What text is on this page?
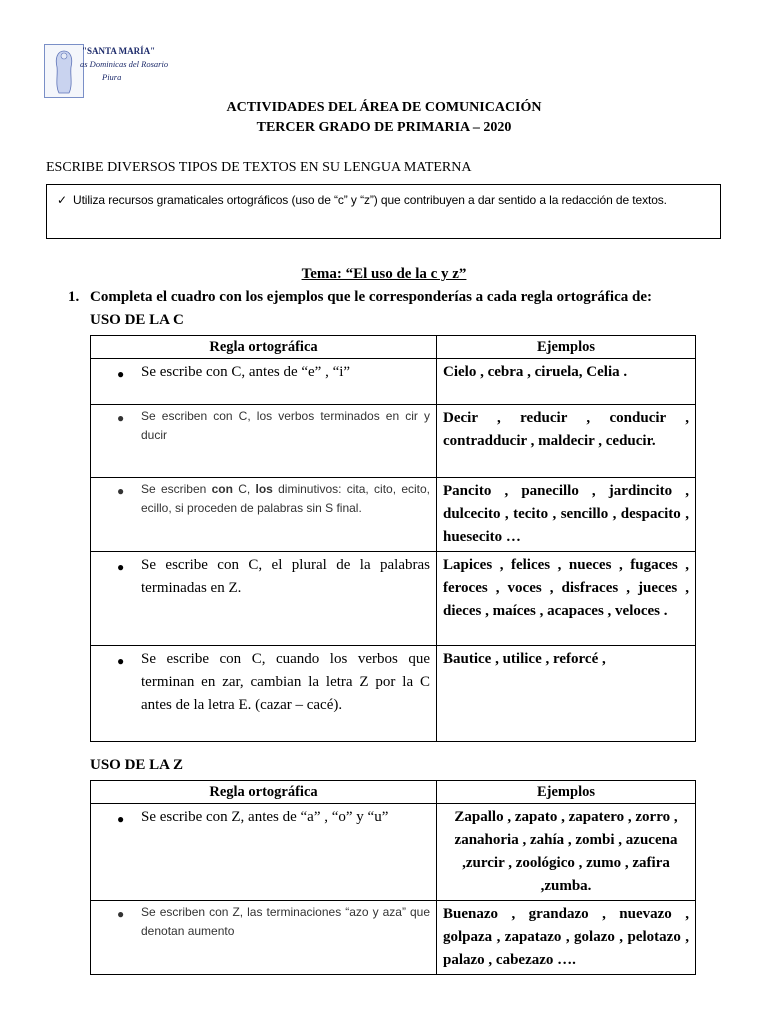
"SANTA MARÍA"
as Dominicas del Rosario
Piura
ACTIVIDADES DEL ÁREA DE COMUNICACIÓN
TERCER GRADO DE PRIMARIA – 2020
ESCRIBE DIVERSOS TIPOS DE TEXTOS EN SU LENGUA MATERNA
✓ Utiliza recursos gramaticales ortográficos (uso de “c” y “z”) que contribuyen a dar sentido a la redacción de textos.
Tema: “El uso de la c y z”
1. Completa el cuadro con los ejemplos que le corresponderías a cada regla ortográfica de:
USO DE LA C
Regla ortográfica	Ejemplos

● Se escribe con C, antes de “e” , “i”	Cielo , cebra , ciruela, Celia .

● Se escriben con C, los verbos terminados en cir y ducir	Decir , reducir , conducir , contradducir , maldecir , ceducir.

● Se escriben con C, los diminutivos: cita, cito, ecito, ecillo, si proceden de palabras sin S final.	Pancito , panecillo , jardincito , dulcecito , tecito , sencillo , despacito , huesecito …

● Se escribe con C, el plural de la palabras terminadas en Z.	Lapices , felices , nueces , fugaces , feroces , voces , disfraces , jueces , dieces , maíces , acapaces , veloces .

● Se escribe con C, cuando los verbos que terminan en zar, cambian la letra Z por la C antes de la letra E. (cazar – cacé).	Bautice , utilice , reforcé ,
USO DE LA Z
Regla ortográfica	Ejemplos

● Se escribe con Z, antes de “a” , “o” y “u”	Zapallo , zapato , zapatero , zorro , zanahoria , zahía , zombi , azucena ,zurcir , zoológico , zumo , zafira ,zumba.

● Se escriben con Z, las terminaciones “azo y aza” que denotan aumento	Buenazo , grandazo , nuevazo , golpaza , zapatazo , golazo , pelotazo , palazo , cabezazo ….
